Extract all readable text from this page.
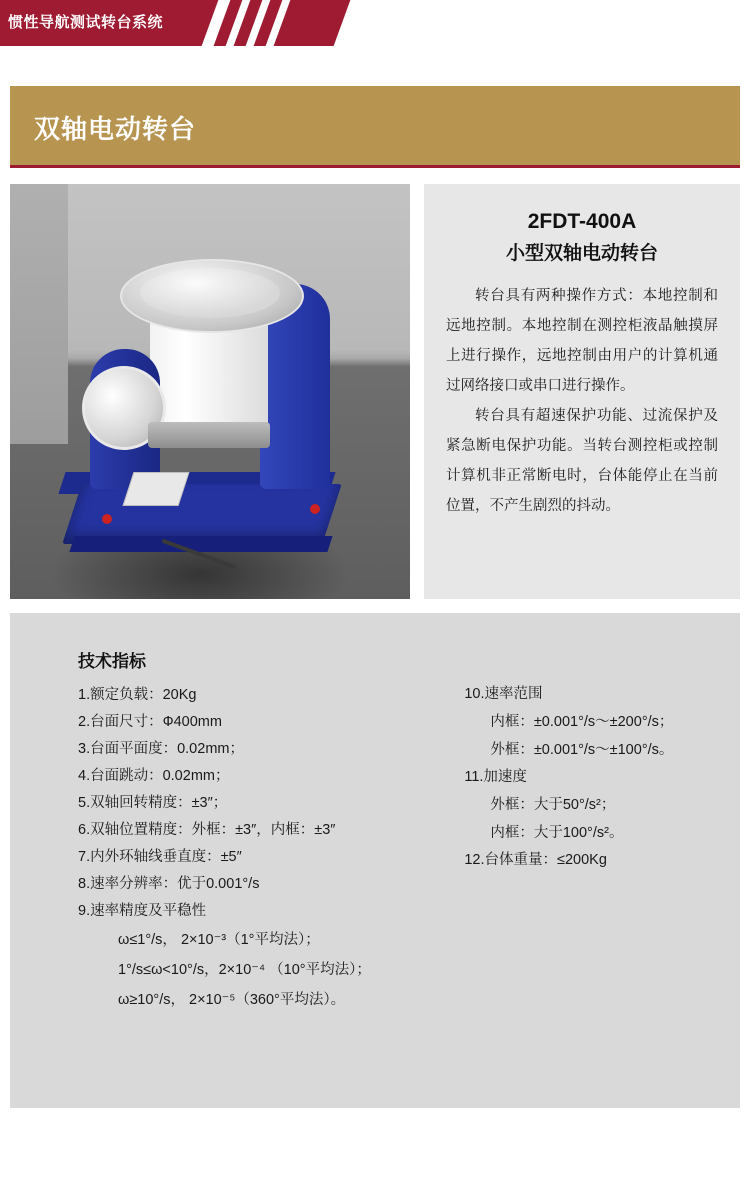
惯性导航测试转台系统
双轴电动转台
2FDT-400A
小型双轴电动转台

转台具有两种操作方式：本地控制和远地控制。本地控制在测控柜液晶触摸屏上进行操作，远地控制由用户的计算机通过网络接口或串口进行操作。

转台具有超速保护功能、过流保护及紧急断电保护功能。当转台测控柜或控制计算机非正常断电时，台体能停止在当前位置，不产生剧烈的抖动。

技术指标
1.额定负载：20Kg
2.台面尺寸：Ф400mm
3.台面平面度：0.02mm；
4.台面跳动：0.02mm；
5.双轴回转精度：±3″；
6.双轴位置精度：外框：±3″，内框：±3″
7.内外环轴线垂直度：±5″
8.速率分辨率：优于0.001°/s
9.速率精度及平稳性
ω≤1°/s， 2×10⁻³（1°平均法）；
1°/s≤ω<10°/s，2×10⁻⁴ （10°平均法）；
ω≥10°/s， 2×10⁻⁵（360°平均法）。
10.速率范围
内框：±0.001°/s～±200°/s；
外框：±0.001°/s～±100°/s。
11.加速度
外框：大于50°/s²；
内框：大于100°/s²。
12.台体重量：≤200Kg
